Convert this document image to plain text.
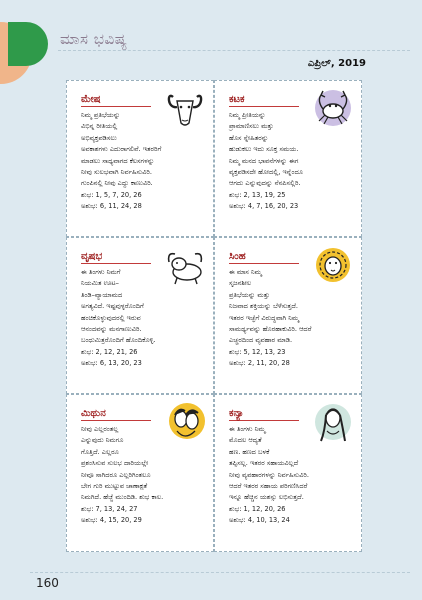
ಮಾಸ ಭವಿಷ್ಯ
ಎಪ್ರಿಲ್, 2019
ಮೇಷ
ನಿಮ್ಮ ಪ್ರತಿಭೆಯನ್ನು
ವಿಭಿನ್ನ ರೀತಿಯಲ್ಲಿ
ಅಭಿವ್ಯಕ್ತಪಡಿಸಲು
ಅವಕಾಶಗಳು ಎದುರಾಗಲಿವೆ. ಇತರರಿಗೆ
ಮಾಡಲು ಸಾಧ್ಯವಾಗದ ಕೆಲಸಗಳನ್ನು
ನೀವು ಸುಲಭವಾಗಿ ನಿರ್ವಹಿಸುವಿರಿ.
ಗುಂಪಿನಲ್ಲಿ ನೀವು ಎದ್ದು ಕಾಣುವಿರಿ.
ಶುಭ: 1, 5, 7, 20, 26
ಅಶುಭ: 6, 11, 24, 28
ಕಟಕ
ನಿಮ್ಮ ಪ್ರೀತಿಯನ್ನು
ಪ್ರಾಮಾಣಿಸಲು ಮತ್ತು
ಹೊಸ ಸ್ನೇಹಿತರನ್ನು
ಹುಡುಕಲು ಇದು ಸೂಕ್ತ ಸಮಯ.
ನಿಮ್ಮ ಮನದ ಭಾವನೆಗಳನ್ನು ಈಗ
ವ್ಯಕ್ತಪಡಿಸದೇ ಹೋದಲ್ಲಿ, ಇನ್ನೆಂದೂ
ಆಗದು ಎನ್ನುವುದನ್ನು ನೆನಪಿಸಲ್ಲಿರಿ.
ಶುಭ: 2, 13, 19, 25
ಅಶುಭ: 4, 7, 16, 20, 23
ವೃಷಭ
ಈ ತಿಂಗಳು ನಿಮಗೆ
ನಿಯಮಿತ ಊಟ–
ತಿಂಡಿ–ವ್ಯಾಯಾಮದ
ಅಗತ್ಯವಿದೆ. ಇಷ್ಟವುಳ್ಳರೊಂದಿಗೆ
ಹಂಚಿಕೊಳ್ಳುವುದರಲ್ಲಿ ಇರುವ
ಆನಂದವನ್ನು ಮನಗಾಣುವಿರಿ.
ಬಂಧುಮಿತ್ರರೊಂದಿಗೆ ಹೊಂದಿಕೊಳ್ಳಿ.
ಶುಭ: 2, 12, 21, 26
ಅಶುಭ: 6, 13, 20, 23
ಸಿಂಹ
ಈ ಮಾಸ ನಿಮ್ಮ
ಸೃಜನಶೀಲ
ಪ್ರತಿಭೆಯನ್ನು ಮತ್ತು
ನಿಜವಾದ ಶಕ್ತಿಯನ್ನು ಬೆಳೆಸುತ್ತದೆ.
ಇತರರ ಇಚ್ಛೆಗೆ ವಿರುದ್ಧವಾಗಿ ನಿಮ್ಮ
ಸಾಮರ್ಥ್ಯವನ್ನು ಹೊರಹಾಕುವಿರಿ. ಆದರೆ
ಎಚ್ಚರದಿಂದ ವ್ಯವಹಾರ ಮಾಡಿ.
ಶುಭ: 5, 12, 13, 23
ಅಶುಭ: 2, 11, 20, 28
ಮಿಥುನ
ನೀವು ಎಲ್ಲರಂತಲ್ಲ
ಎನ್ನುವುದು ನಿಮಗೂ
ಗೊತ್ತಿದೆ. ಎಲ್ಲರೂ
ಪ್ರಶಂಸಿಸುವ ಸುಲಭ ದಾರಿಯಲ್ಲೇ
ನೀವೂ ಸಾಗಿದರೂ ಎಲ್ಲರಿಗಿಂತಲೂ
ಬೇಗ ಗುರಿ ಮುಟ್ಟುವ ಚಾಣಾಕ್ಷತೆ
ನಿಮಗಿದೆ. ಹೆಜ್ಜೆ ಮುಂದಿಡಿ. ಶುಭ ಕಾಲ.
ಶುಭ: 7, 13, 24, 27
ಅಶುಭ: 4, 15, 20, 29
ಕನ್ಯಾ
ಈ ತಿಂಗಳು ನಿಮ್ಮ
ಮೊದಲ ಆದ್ಯತೆ
ಹಣ. ಹಣದ ಬಳಕೆ
ತಪ್ಪಿಸಲ್ಲ. ಇತರರ ಸಹಾಯವಿಲ್ಲದೆ
ನೀವು ವ್ಯವಹಾರಗಳನ್ನು ನಿರ್ವಹಿಸುವಿರಿ.
ಆದರೆ ಇತರರ ಸಹಾಯ ಪರಿಗಣಿಸಿದರೆ
ಇನ್ನೂ ಹೆಚ್ಚಿನ ಯಶಸ್ಸು ಲಭಿಸುತ್ತದೆ.
ಶುಭ: 1, 12, 20, 26
ಅಶುಭ: 4, 10, 13, 24
160
